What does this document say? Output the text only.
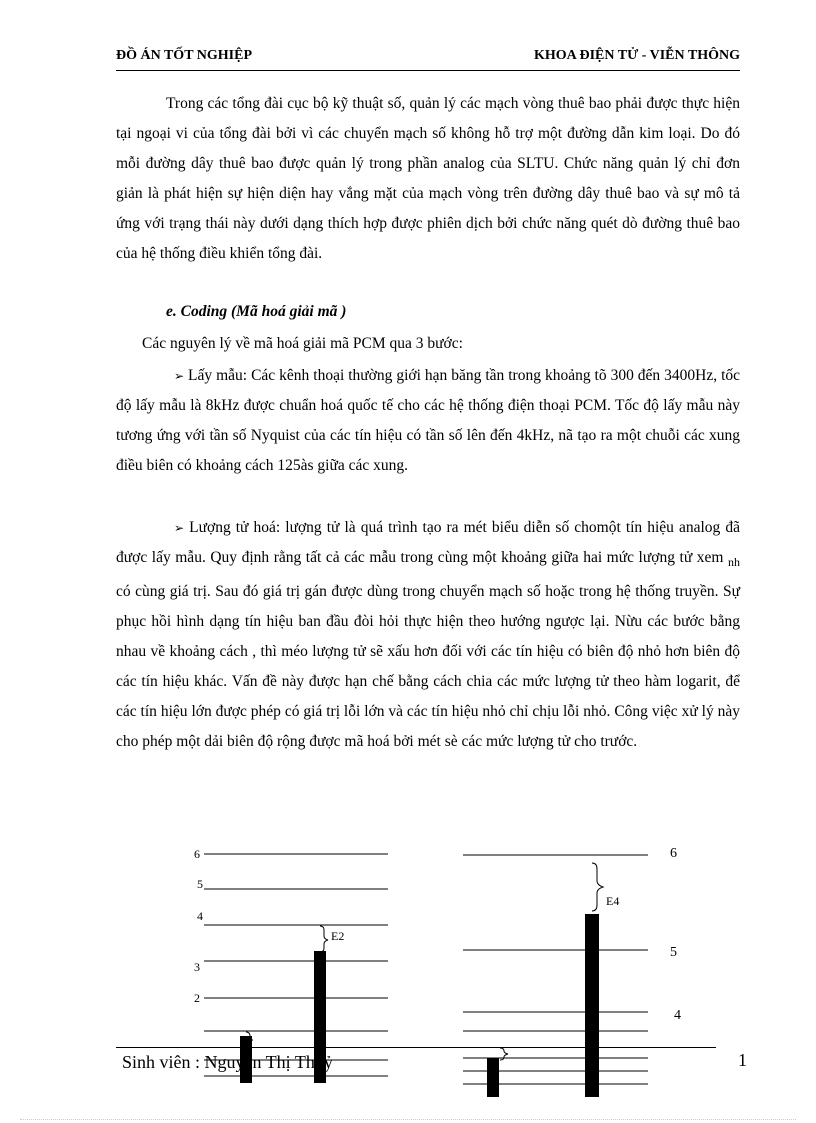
ĐỒ ÁN TỐT NGHIỆP	KHOA ĐIỆN TỬ - VIỄN THÔNG

Trong các tổng đài cục bộ kỹ thuật số, quản lý các mạch vòng thuê bao phải được thực hiện tại ngoại vi của tổng đài bởi vì các chuyển mạch số không hỗ trợ một đường dẫn kim loại. Do đó mỗi đường dây thuê bao được quản lý trong phần analog của SLTU. Chức năng quản lý chỉ đơn giản là phát hiện sự hiện diện hay vắng mặt của mạch vòng trên đường dây thuê bao và sự mô tả ứng với trạng thái này dưới dạng thích hợp được phiên dịch bởi chức năng quét dò đường thuê bao của hệ thống điều khiển tổng đài.

e. Coding (Mã hoá giải mã )
Các nguyên lý về mã hoá giải mã PCM qua 3 bước:

➢ Lấy mẫu: Các kênh thoại thường giới hạn băng tần trong khoảng tõ 300 đến 3400Hz, tốc độ lấy mẫu là 8kHz được chuẩn hoá quốc tế cho các hệ thống điện thoại PCM. Tốc độ lấy mẫu này tương ứng với tần số Nyquist của các tín hiệu có tần số lên đến 4kHz, nã tạo ra một chuỗi các xung điều biên có khoảng cách 125às giữa các xung.

➢ Lượng tử hoá: lượng tử là quá trình tạo ra mét biểu diễn số chomột tín hiệu analog đã được lấy mẫu. Quy định rằng tất cả các mẫu trong cùng một khoảng giữa hai mức lượng tử xem $_{nh}$ có cùng giá trị. Sau đó giá trị gán được dùng trong chuyển mạch số hoặc trong hệ thống truyền. Sự phục hồi hình dạng tín hiệu ban đầu đòi hỏi thực hiện theo hướng ngược lại. Nừu các bước bằng nhau về khoảng cách , thì méo lượng tử sẽ xấu hơn đối với các tín hiệu có biên độ nhỏ hơn biên độ các tín hiệu khác. Vấn đề này được hạn chế bằng cách chia các mức lượng tử theo hàm logarit, để các tín hiệu lớn được phép có giá trị lỗi lớn và các tín hiệu nhỏ chỉ chịu lỗi nhỏ. Công việc xử lý này cho phép một dải biên độ rộng được mã hoá bởi mét sè các mức lượng tử cho trước.

6
5
4
3
2
E2
6
5
4
E4
Sinh viên : Nguyễn Thị Thuỷ	1
